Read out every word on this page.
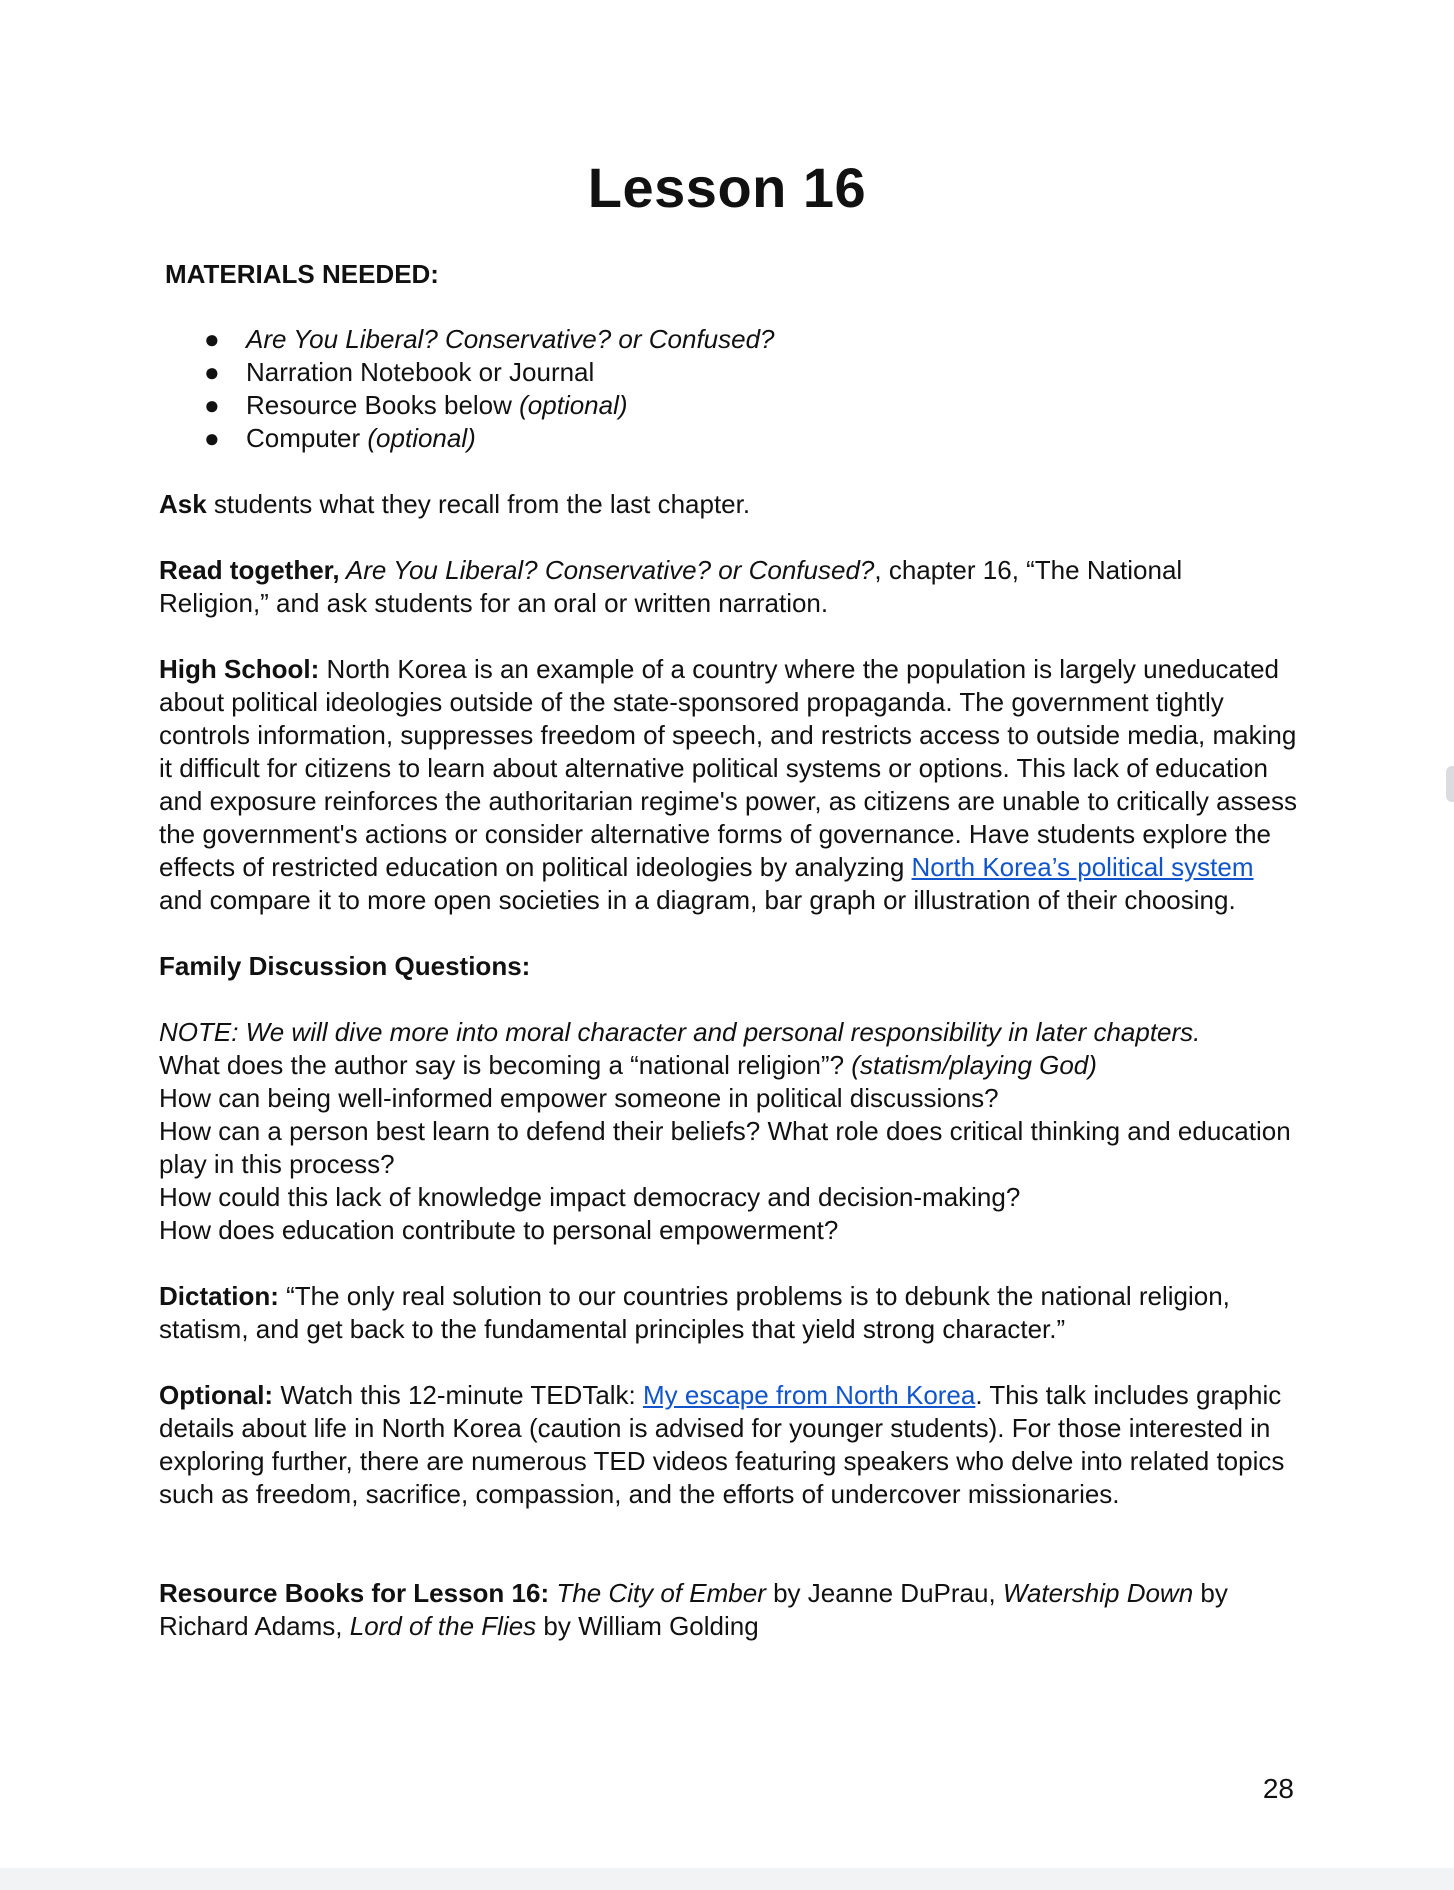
Lesson 16

MATERIALS NEEDED:

● Are You Liberal? Conservative? or Confused?
● Narration Notebook or Journal
● Resource Books below (optional)
● Computer (optional)

Ask students what they recall from the last chapter.

Read together, Are You Liberal? Conservative? or Confused?, chapter 16, “The National Religion,” and ask students for an oral or written narration.

High School: North Korea is an example of a country where the population is largely uneducated about political ideologies outside of the state-sponsored propaganda. The government tightly controls information, suppresses freedom of speech, and restricts access to outside media, making it difficult for citizens to learn about alternative political systems or options. This lack of education and exposure reinforces the authoritarian regime's power, as citizens are unable to critically assess the government's actions or consider alternative forms of governance. Have students explore the effects of restricted education on political ideologies by analyzing North Korea’s political system and compare it to more open societies in a diagram, bar graph or illustration of their choosing.

Family Discussion Questions:

NOTE: We will dive more into moral character and personal responsibility in later chapters.

What does the author say is becoming a “national religion”? (statism/playing God)

How can being well-informed empower someone in political discussions?

How can a person best learn to defend their beliefs? What role does critical thinking and education play in this process?

How could this lack of knowledge impact democracy and decision-making?

How does education contribute to personal empowerment?

Dictation: “The only real solution to our countries problems is to debunk the national religion, statism, and get back to the fundamental principles that yield strong character.”

Optional: Watch this 12-minute TEDTalk: My escape from North Korea. This talk includes graphic details about life in North Korea (caution is advised for younger students). For those interested in exploring further, there are numerous TED videos featuring speakers who delve into related topics such as freedom, sacrifice, compassion, and the efforts of undercover missionaries.

Resource Books for Lesson 16: The City of Ember by Jeanne DuPrau, Watership Down by Richard Adams, Lord of the Flies by William Golding

28
